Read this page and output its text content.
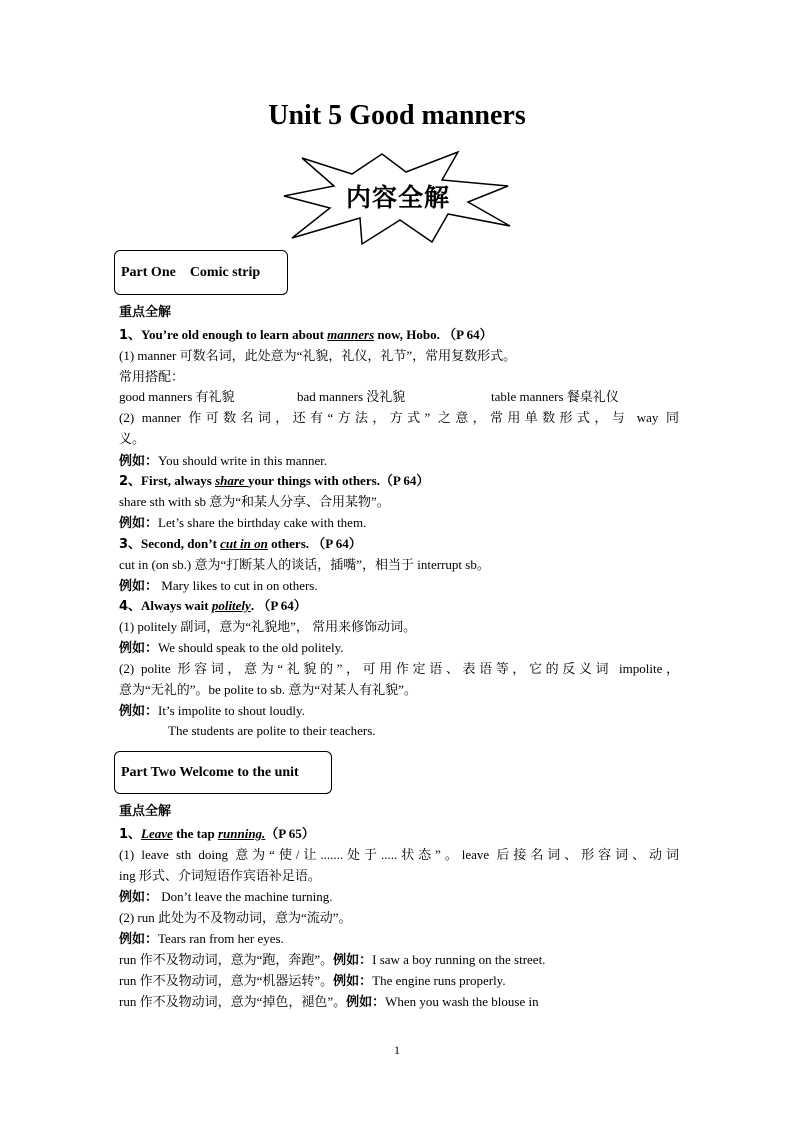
Unit 5 Good manners
内容全解
Part One    Comic strip
重点全解
1、You’re old enough to learn about manners now, Hobo. （P 64）
(1) manner 可数名词，此处意为“礼貌，礼仪，礼节”，常用复数形式。
常用搭配：
good manners 有礼貌	bad manners 没礼貌	table manners 餐桌礼仪
(2) manner 作可数名词，还有“方法，方式” 之意，常用单数形式，与 way 同
义。
例如：You should write in this manner.
2、First, always share your things with others.（P 64）
share sth with sb 意为“和某人分享、合用某物”。
例如：Let’s share the birthday cake with them.
3、Second, don’t cut in on others. （P 64）
cut in (on sb.) 意为“打断某人的谈话，插嘴”，相当于 interrupt sb。
例如： Mary likes to cut in on others.
4、Always wait politely. （P 64）
(1) politely 副词，意为“礼貌地”， 常用来修饰动词。
例如：We should speak to the old politely.
(2) polite 形容词，意为“礼貌的”，可用作定语、表语等，它的反义词 impolite，
意为“无礼的”。be polite to sb. 意为“对某人有礼貌”。
例如：It’s impolite to shout loudly.
The students are polite to their teachers.
Part Two Welcome to the unit
重点全解
1、Leave the tap running.（P 65）
(1) leave sth doing 意为“使/让.......处于.....状态”。leave 后接名词、形容词、动词
ing 形式、介词短语作宾语补足语。
例如： Don’t leave the machine turning.
(2) run 此处为不及物动词，意为“流动”。
例如：Tears ran from her eyes.
run 作不及物动词，意为“跑，奔跑”。例如：I saw a boy running on the street.
run 作不及物动词，意为“机器运转”。例如：The engine runs properly.
run 作不及物动词，意为“掉色，褪色”。例如：When you wash the blouse in
1
